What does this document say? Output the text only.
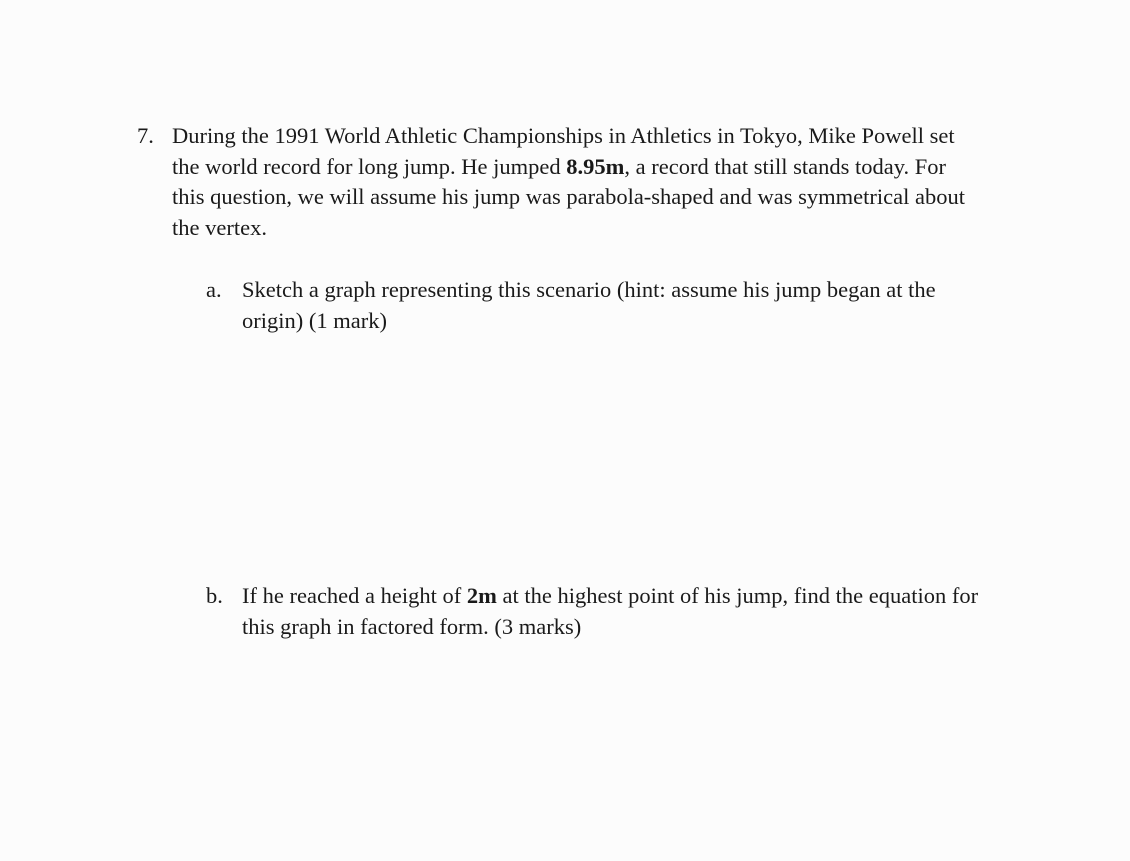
7. During the 1991 World Athletic Championships in Athletics in Tokyo, Mike Powell set
the world record for long jump. He jumped 8.95m, a record that still stands today. For
this question, we will assume his jump was parabola-shaped and was symmetrical about
the vertex.
a. Sketch a graph representing this scenario (hint: assume his jump began at the
origin) (1 mark)
b. If he reached a height of 2m at the highest point of his jump, find the equation for
this graph in factored form. (3 marks)
